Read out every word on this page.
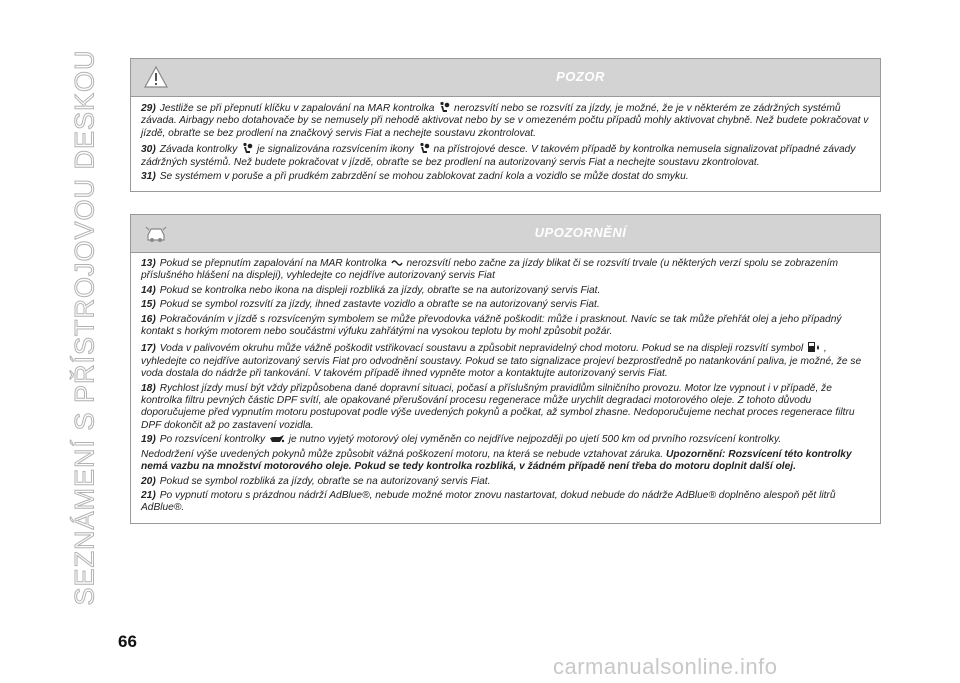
SEZNÁMENÍ S PŘÍSTROJOVOU DESKOU	POZOR

29) Jestliže se při přepnutí klíčku v zapalování na MAR kontrolka nerozsvítí nebo se rozsvítí za jízdy, je možné, že je v některém ze zádržných systémů závada. Airbagy nebo dotahovače by se nemusely při nehodě aktivovat nebo by se v omezeném počtu případů mohly aktivovat chybně. Než budete pokračovat v jízdě, obraťte se bez prodlení na značkový servis Fiat a nechejte soustavu zkontrolovat.

30) Závada kontrolky je signalizována rozsvícením ikony na přístrojové desce. V takovém případě by kontrolka nemusela signalizovat případné závady zádržných systémů. Než budete pokračovat v jízdě, obraťte se bez prodlení na autorizovaný servis Fiat a nechejte soustavu zkontrolovat.

31) Se systémem v poruše a při prudkém zabrzdění se mohou zablokovat zadní kola a vozidlo se může dostat do smyku.

UPOZORNĚNÍ

13) Pokud se přepnutím zapalování na MAR kontrolka nerozsvítí nebo začne za jízdy blikat či se rozsvítí trvale (u některých verzí spolu se zobrazením příslušného hlášení na displeji), vyhledejte co nejdříve autorizovaný servis Fiat

14) Pokud se kontrolka nebo ikona na displeji rozbliká za jízdy, obraťte se na autorizovaný servis Fiat.

15) Pokud se symbol rozsvítí za jízdy, ihned zastavte vozidlo a obraťte se na autorizovaný servis Fiat.

16) Pokračováním v jízdě s rozsvíceným symbolem se může převodovka vážně poškodit: může i prasknout. Navíc se tak může přehřát olej a jeho případný kontakt s horkým motorem nebo součástmi výfuku zahřátými na vysokou teplotu by mohl způsobit požár.

17) Voda v palivovém okruhu může vážně poškodit vstřikovací soustavu a způsobit nepravidelný chod motoru. Pokud se na displeji rozsvítí symbol , vyhledejte co nejdříve autorizovaný servis Fiat pro odvodnění soustavy. Pokud se tato signalizace projeví bezprostředně po natankování paliva, je možné, že se voda dostala do nádrže při tankování. V takovém případě ihned vypněte motor a kontaktujte autorizovaný servis Fiat.

18) Rychlost jízdy musí být vždy přizpůsobena dané dopravní situaci, počasí a příslušným pravidlům silničního provozu. Motor lze vypnout i v případě, že kontrolka filtru pevných částic DPF svítí, ale opakované přerušování procesu regenerace může urychlit degradaci motorového oleje. Z tohoto důvodu doporučujeme před vypnutím motoru postupovat podle výše uvedených pokynů a počkat, až symbol zhasne. Nedoporučujeme nechat proces regenerace filtru DPF dokončit až po zastavení vozidla.

19) Po rozsvícení kontrolky je nutno vyjetý motorový olej vyměněn co nejdříve nejpozději po ujetí 500 km od prvního rozsvícení kontrolky.

Nedodržení výše uvedených pokynů může způsobit vážná poškození motoru, na která se nebude vztahovat záruka. Upozornění: Rozsvícení této kontrolky nemá vazbu na množství motorového oleje. Pokud se tedy kontrolka rozbliká, v žádném případě není třeba do motoru doplnit další olej.

20) Pokud se symbol rozbliká za jízdy, obraťte se na autorizovaný servis Fiat.

21) Po vypnutí motoru s prázdnou nádrží AdBlue®, nebude možné motor znovu nastartovat, dokud nebude do nádrže AdBlue® doplněno alespoň pět litrů AdBlue®.

66
carmanualsonline.info
